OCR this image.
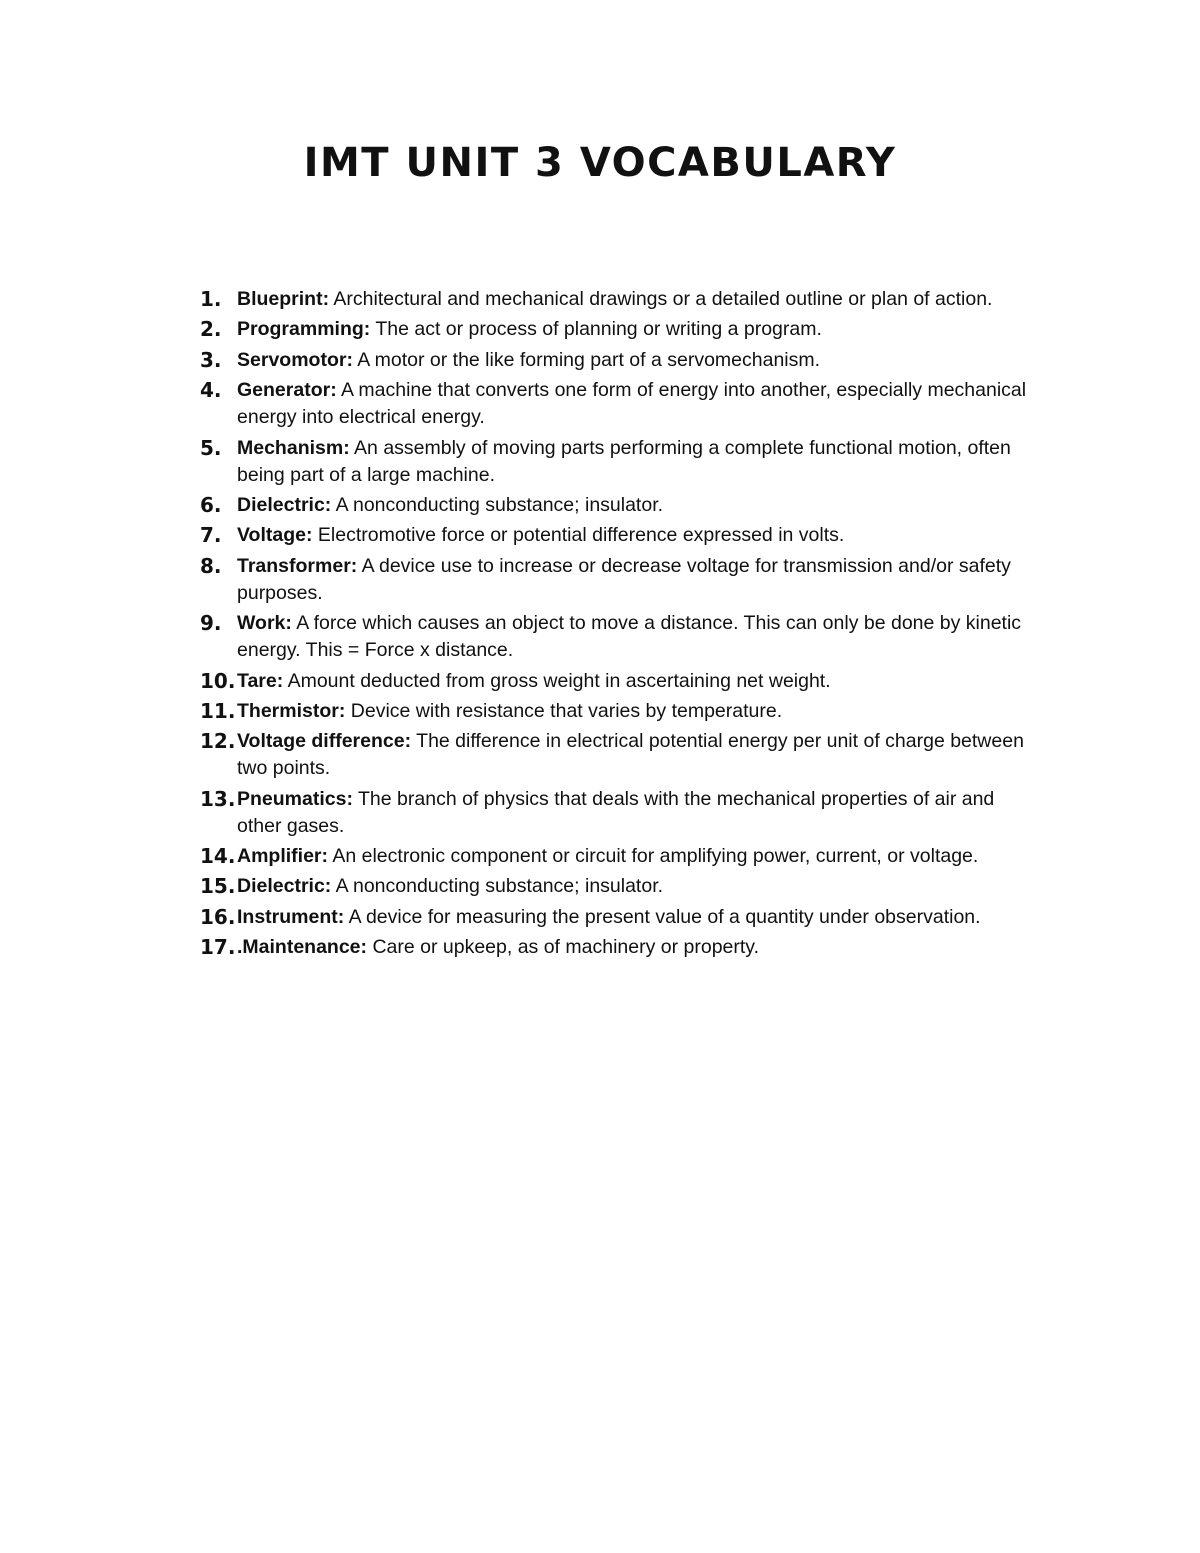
IMT UNIT 3 VOCABULARY
1. Blueprint: Architectural and mechanical drawings or a detailed outline or plan of action.
2. Programming: The act or process of planning or writing a program.
3. Servomotor: A motor or the like forming part of a servomechanism.
4. Generator: A machine that converts one form of energy into another, especially mechanical energy into electrical energy.
5. Mechanism: An assembly of moving parts performing a complete functional motion, often being part of a large machine.
6. Dielectric: A nonconducting substance; insulator.
7. Voltage: Electromotive force or potential difference expressed in volts.
8. Transformer: A device use to increase or decrease voltage for transmission and/or safety purposes.
9. Work: A force which causes an object to move a distance. This can only be done by kinetic energy. This = Force x distance.
10. Tare: Amount deducted from gross weight in ascertaining net weight.
11. Thermistor: Device with resistance that varies by temperature.
12. Voltage difference: The difference in electrical potential energy per unit of charge between two points.
13. Pneumatics: The branch of physics that deals with the mechanical properties of air and other gases.
14. Amplifier: An electronic component or circuit for amplifying power, current, or voltage.
15. Dielectric: A nonconducting substance; insulator.
16. Instrument: A device for measuring the present value of a quantity under observation.
17. .Maintenance: Care or upkeep, as of machinery or property.
